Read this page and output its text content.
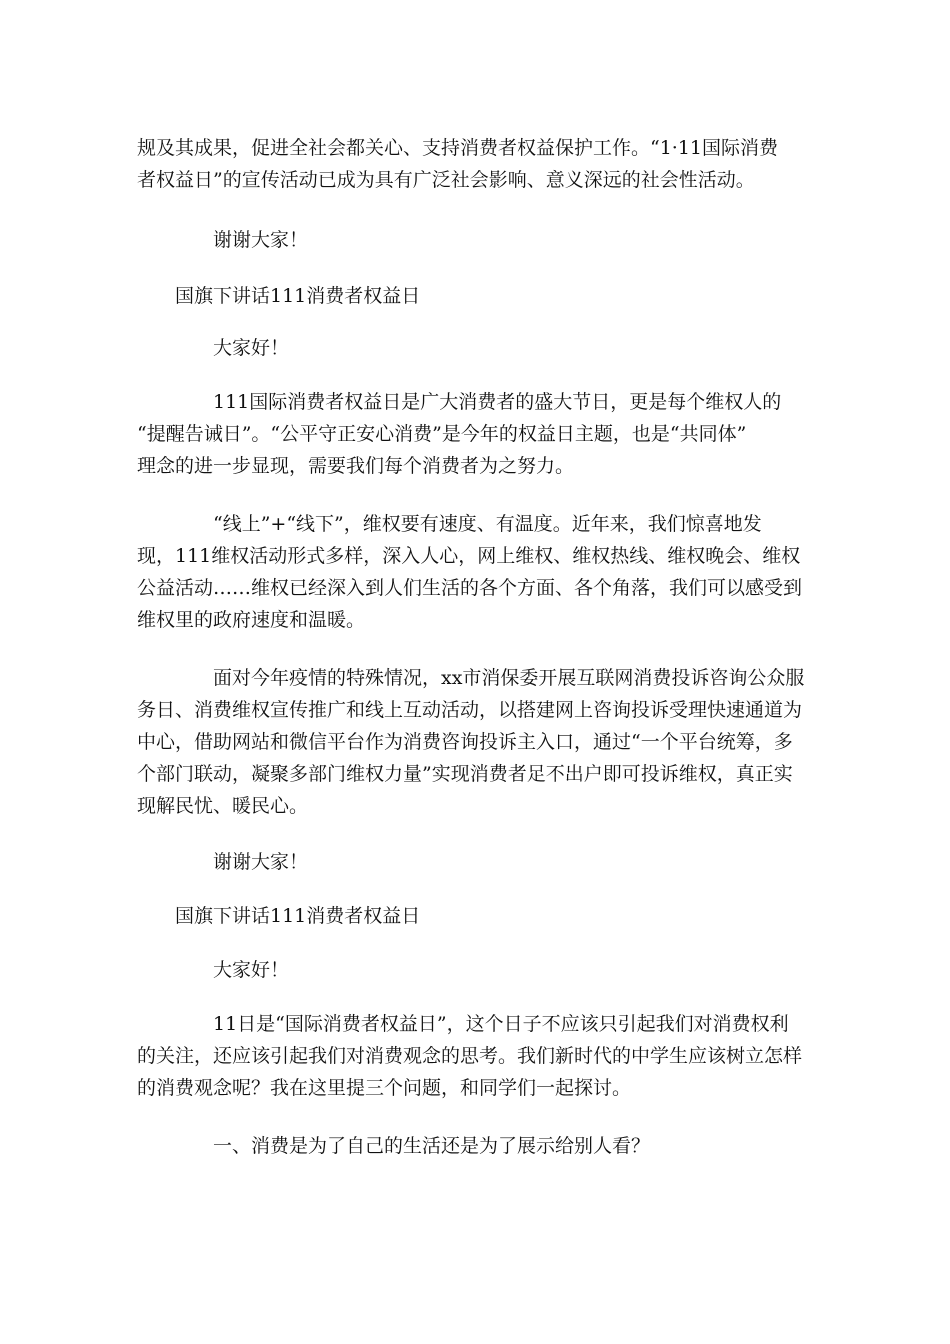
规及其成果，促进全社会都关心、支持消费者权益保护工作。“1·11国际消费
者权益日”的宣传活动已成为具有广泛社会影响、意义深远的社会性活动。

谢谢大家！

国旗下讲话111消费者权益日

大家好！

111国际消费者权益日是广大消费者的盛大节日，更是每个维权人的
“提醒告诫日”。“公平守正安心消费”是今年的权益日主题，也是“共同体”
理念的进一步显现，需要我们每个消费者为之努力。

“线上”+“线下”，维权要有速度、有温度。近年来，我们惊喜地发
现，111维权活动形式多样，深入人心，网上维权、维权热线、维权晚会、维权
公益活动……维权已经深入到人们生活的各个方面、各个角落，我们可以感受到
维权里的政府速度和温暖。

面对今年疫情的特殊情况，xx市消保委开展互联网消费投诉咨询公众服
务日、消费维权宣传推广和线上互动活动，以搭建网上咨询投诉受理快速通道为
中心，借助网站和微信平台作为消费咨询投诉主入口，通过“一个平台统筹，多
个部门联动，凝聚多部门维权力量”实现消费者足不出户即可投诉维权，真正实
现解民忧、暖民心。

谢谢大家！

国旗下讲话111消费者权益日

大家好！

11日是“国际消费者权益日”，这个日子不应该只引起我们对消费权利
的关注，还应该引起我们对消费观念的思考。我们新时代的中学生应该树立怎样
的消费观念呢？我在这里提三个问题，和同学们一起探讨。

一、消费是为了自己的生活还是为了展示给别人看？
